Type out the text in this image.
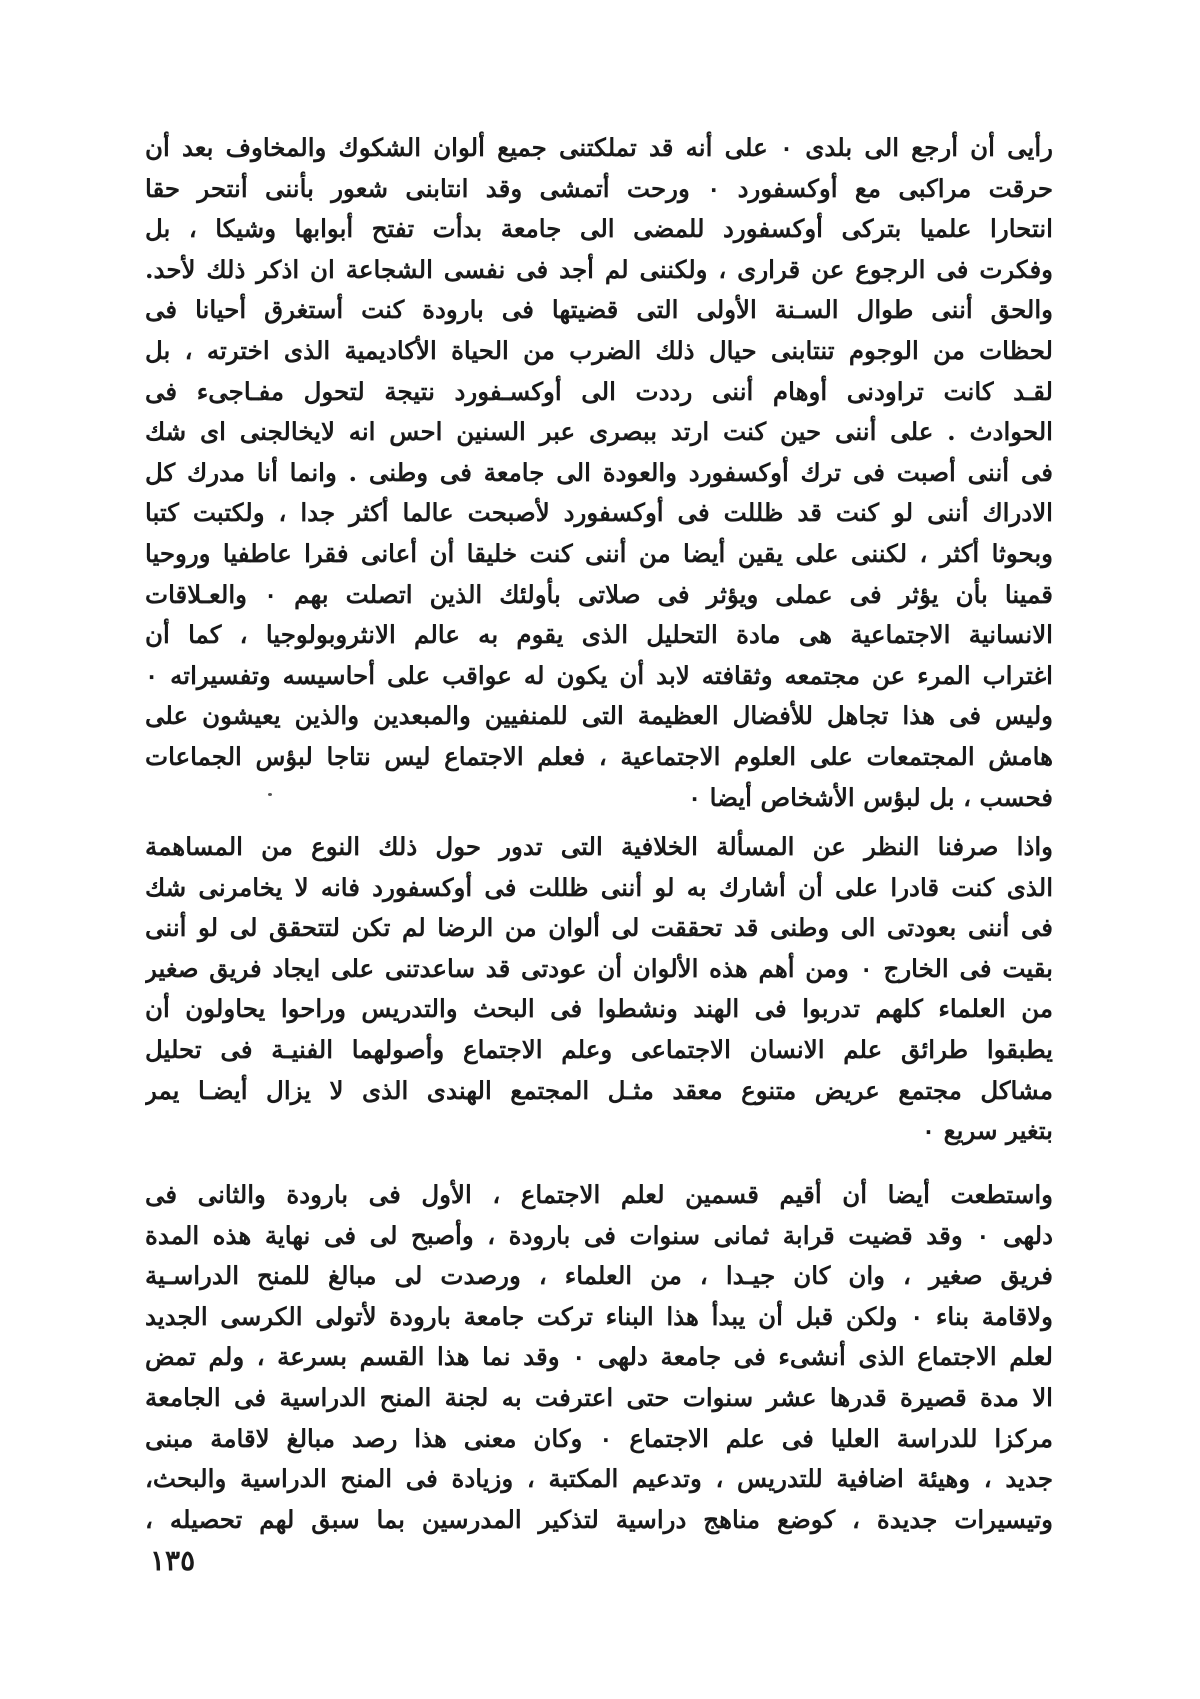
رأيى أن أرجع الى بلدى ۰ على أنه قد تملكتنى جميع ألوان الشكوك والمخاوف بعد أن
حرقت مراكبى مع أوكسفورد ۰ ورحت أتمشى وقد انتابنى شعور بأننى أنتحر حقا
انتحارا علميا بتركى أوكسفورد للمضى الى جامعة بدأت تفتح أبوابها وشيكا ، بل
وفكرت فى الرجوع عن قرارى ، ولكننى لم أجد فى نفسى الشجاعة ان اذكر ذلك لأحد.
والحق أننى طوال السـنة الأولى التى قضيتها فى بارودة كنت أستغرق أحيانا فى
لحظات من الوجوم تنتابنى حيال ذلك الضرب من الحياة الأكاديمية الذى اخترته ، بل
لقـد كانت تراودنى أوهام أننى رددت الى أوكسـفورد نتيجة لتحول مفـاجىء فى
الحوادث . على أننى حين كنت ارتد ببصرى عبر السنين احس انه لايخالجنى اى شك
فى أننى أصبت فى ترك أوكسفورد والعودة الى جامعة فى وطنى . وانما أنا مدرك كل
الادراك أننى لو كنت قد ظللت فى أوكسفورد لأصبحت عالما أكثر جدا ، ولكتبت كتبا
وبحوثا أكثر ، لكننى على يقين أيضا من أننى كنت خليقا أن أعانى فقرا عاطفيا وروحيا
قمينا بأن يؤثر فى عملى ويؤثر فى صلاتى بأولئك الذين اتصلت بهم ۰ والعـلاقات
الانسانية الاجتماعية هى مادة التحليل الذى يقوم به عالم الانثروبولوجيا ، كما أن
اغتراب المرء عن مجتمعه وثقافته لابد أن يكون له عواقب على أحاسيسه وتفسيراته ۰
وليس فى هذا تجاهل للأفضال العظيمة التى للمنفيين والمبعدين والذين يعيشون على
هامش المجتمعات على العلوم الاجتماعية ، فعلم الاجتماع ليس نتاجا لبؤس الجماعات
فحسب ، بل لبؤس الأشخاص أيضا ۰
واذا صرفنا النظر عن المسألة الخلافية التى تدور حول ذلك النوع من المساهمة
الذى كنت قادرا على أن أشارك به لو أننى ظللت فى أوكسفورد فانه لا يخامرنى شك
فى أننى بعودتى الى وطنى قد تحققت لى ألوان من الرضا لم تكن لتتحقق لى لو أننى
بقيت فى الخارج ۰ ومن أهم هذه الألوان أن عودتى قد ساعدتنى على ايجاد فريق صغير
من العلماء كلهم تدربوا فى الهند ونشطوا فى البحث والتدريس وراحوا يحاولون أن
يطبقوا طرائق علم الانسان الاجتماعى وعلم الاجتماع وأصولهما الفنيـة فى تحليل
مشاكل مجتمع عريض متنوع معقد مثـل المجتمع الهندى الذى لا يزال أيضـا يمر
بتغير سريع ۰
واستطعت أيضا أن أقيم قسمين لعلم الاجتماع ، الأول فى بارودة والثانى فى
دلهى ۰ وقد قضيت قرابة ثمانى سنوات فى بارودة ، وأصبح لى فى نهاية هذه المدة
فريق صغير ، وان كان جيـدا ، من العلماء ، ورصدت لى مبالغ للمنح الدراسـية
ولاقامة بناء ۰ ولكن قبل أن يبدأ هذا البناء تركت جامعة بارودة لأتولى الكرسى الجديد
لعلم الاجتماع الذى أنشىء فى جامعة دلهى ۰ وقد نما هذا القسم بسرعة ، ولم تمض
الا مدة قصيرة قدرها عشر سنوات حتى اعترفت به لجنة المنح الدراسية فى الجامعة
مركزا للدراسة العليا فى علم الاجتماع ۰ وكان معنى هذا رصد مبالغ لاقامة مبنى
جديد ، وهيئة اضافية للتدريس ، وتدعيم المكتبة ، وزيادة فى المنح الدراسية والبحث،
وتيسيرات جديدة ، كوضع مناهج دراسية لتذكير المدرسين بما سبق لهم تحصيله ،
١٣٥
